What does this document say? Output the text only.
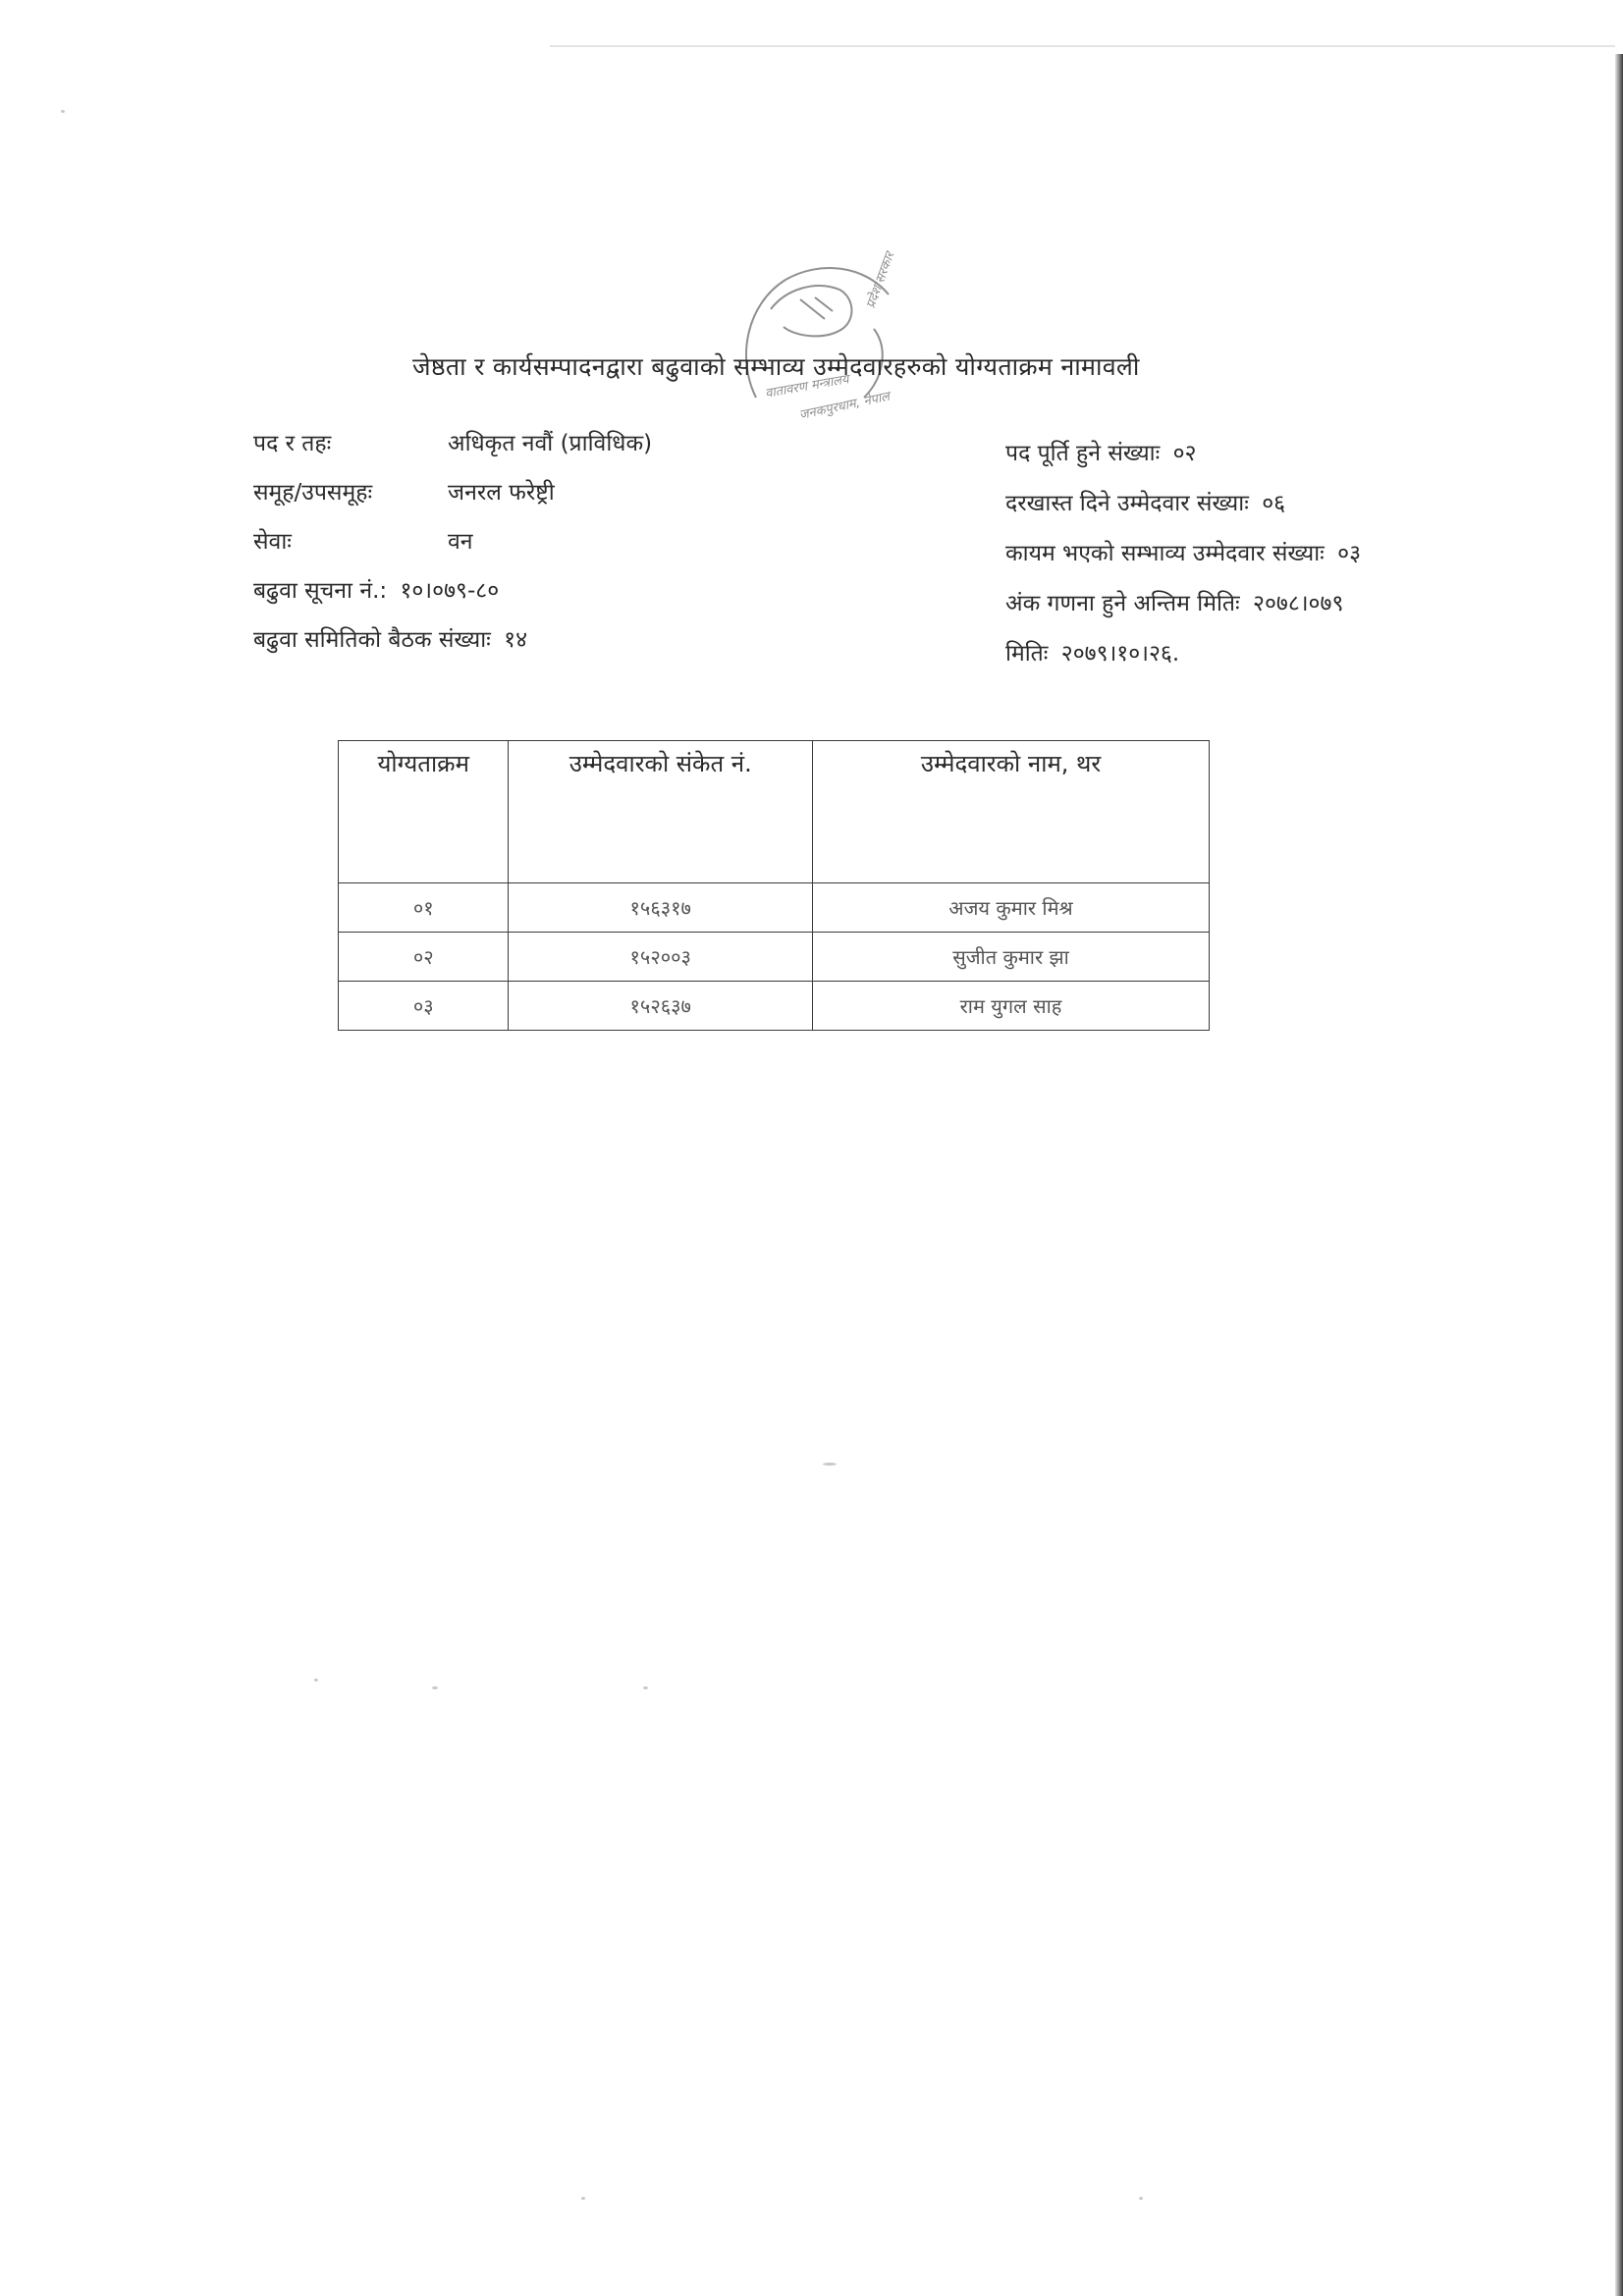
वातावरण मन्त्रालय
जनकपुरधाम, नेपाल
प्रदेश सरकार
जेष्ठता र कार्यसम्पादनद्वारा बढुवाको सम्भाव्य उम्मेदवारहरुको योग्यताक्रम नामावली
पद र तहः	अधिकृत नवौं (प्राविधिक)
समूह/उपसमूहः	जनरल फरेष्ट्री
सेवाः	वन
बढुवा सूचना नं.: १०।०७९-८०
बढुवा समितिको बैठक संख्याः १४
पद पूर्ति हुने संख्याः ०२
दरखास्त दिने उम्मेदवार संख्याः ०६
कायम भएको सम्भाव्य उम्मेदवार संख्याः ०३
अंक गणना हुने अन्तिम मितिः २०७८।०७९
मितिः २०७९।१०।२६.
योग्यताक्रम	उम्मेदवारको संकेत नं.	उम्मेदवारको नाम, थर
०१	१५६३१७	अजय कुमार मिश्र
०२	१५२००३	सुजीत कुमार झा
०३	१५२६३७	राम युगल साह
